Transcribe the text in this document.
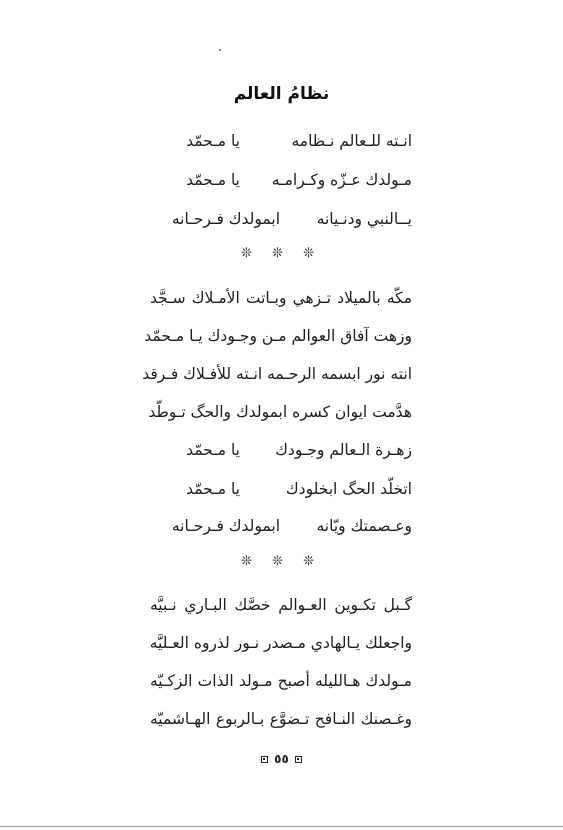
نظامُ العالم
انـته للـعالم نـظامه
يا مـحمّد
مـولدك عـزّه وكـرامـه
يا مـحمّد
يــالنبي ودنـيانه
ابمولدك فـرحـانه
❊ ❊ ❊
مكّه بالميلاد تـزهي وبـاتت الأمـلاك سـجَّد
وزهت آفاق العوالم مـن وجـودك يـا مـحمّد
انته نور ابسمه الرحـمه انـته للأفـلاك فـرقد
هدَّمت ايوان كسره ابمولدك والحگ تـوطّد
زهـرة الـعالم وجـودك
يا مـحمّد
اتخلّد الحگ ابخلودك
يا مـحمّد
وعـصمتك ويّانه
ابمولدك فـرحـانه
❊ ❊ ❊
گـبل تكـوين العـوالم خصَّك البـاري نـبيَّه
واجعلك يـالهادي مـصدر نـور لذروه العـليَّه
مـولدك هـالليله أصبح مـولد الذات الزكـيّه
وغـصنك النـافح تـضوَّع بـالربوع الهـاشميّه
٥٥
